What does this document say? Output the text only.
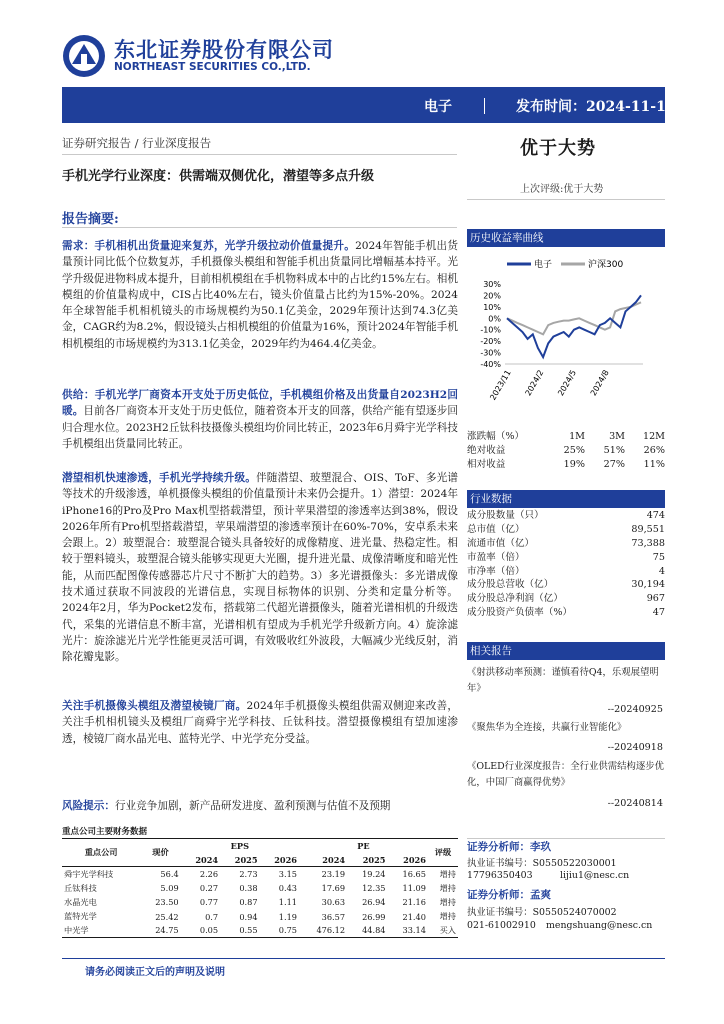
东北证券股份有限公司
NORTHEAST SECURITIES CO.,LTD.
电子	发布时间：2024-11-12
证券研究报告 / 行业深度报告
手机光学行业深度：供需端双侧优化，潜望等多点升级
优于大势
上次评级:优于大势
报告摘要:
需求：手机相机出货量迎来复苏，光学升级拉动价值量提升。2024年智能手机出货量预计同比低个位数复苏，手机摄像头模组和智能手机出货量同比增幅基本持平。光学升级促进物料成本提升，目前相机模组在手机物料成本中的占比约15%左右。相机模组的价值量构成中，CIS占比40%左右，镜头价值量占比约为15%-20%。2024年全球智能手机相机镜头的市场规模约为50.1亿美金，2029年预计达到74.3亿美金，CAGR约为8.2%，假设镜头占相机模组的价值量为16%，预计2024年智能手机相机模组的市场规模约为313.1亿美金，2029年约为464.4亿美金。
供给：手机光学厂商资本开支处于历史低位，手机模组价格及出货量自2023H2回暖。目前各厂商资本开支处于历史低位，随着资本开支的回落，供给产能有望逐步回归合理水位。2023H2丘钛科技摄像头模组均价同比转正，2023年6月舜宇光学科技手机模组出货量同比转正。
潜望相机快速渗透，手机光学持续升级。伴随潜望、玻塑混合、OIS、ToF、多光谱等技术的升级渗透，单机摄像头模组的价值量预计未来仍会提升。1）潜望：2024年iPhone16的Pro及Pro Max机型搭载潜望，预计苹果潜望的渗透率达到38%，假设2026年所有Pro机型搭载潜望，苹果端潜望的渗透率预计在60%-70%，安卓系未来会跟上。2）玻塑混合：玻塑混合镜头具备较好的成像精度、进光量、热稳定性。相较于塑料镜头，玻塑混合镜头能够实现更大光圈，提升进光量、成像清晰度和暗光性能，从而匹配图像传感器芯片尺寸不断扩大的趋势。3）多光谱摄像头：多光谱成像技术通过获取不同波段的光谱信息，实现目标物体的识别、分类和定量分析等。2024年2月，华为Pocket2发布，搭载第二代超光谱摄像头，随着光谱相机的升级迭代，采集的光谱信息不断丰富，光谱相机有望成为手机光学升级新方向。4）旋涂滤光片：旋涂滤光片光学性能更灵活可调，有效吸收红外波段，大幅减少光线反射，消除花瓣鬼影。
关注手机摄像头模组及潜望棱镜厂商。2024年手机摄像头模组供需双侧迎来改善，关注手机相机镜头及模组厂商舜宇光学科技、丘钛科技。潜望摄像模组有望加速渗透，棱镜厂商水晶光电、蓝特光学、中光学充分受益。
风险提示：行业竞争加剧，新产品研发进度、盈利预测与估值不及预期
历史收益率曲线
电子	沪深300
30%
20%
10%
0%
-10%
-20%
-30%
-40%
2023/11 2024/2 2024/5 2024/8
涨跌幅（%）	1M	3M	12M
绝对收益	25%	51%	26%
相对收益	19%	27%	11%
行业数据
成分股数量（只）	474
总市值（亿）	89,551
流通市值（亿）	73,388
市盈率（倍）	75
市净率（倍）	4
成分股总营收（亿）	30,194
成分股总净利润（亿）	967
成分股资产负债率（%）	47
相关报告
《射洪移动率预测：谨慎看待Q4，乐观展望明年》
--20240925
《聚焦华为全连接，共赢行业智能化》
--20240918
《OLED行业深度报告：全行业供需结构逐步优化，中国厂商赢得优势》
--20240814
证券分析师：李玖
执业证书编号：S0550522030001
17796350403	lijiu1@nesc.cn
证券分析师：孟爽
执业证书编号：S0550524070002
021-61002910 mengshuang@nesc.cn
重点公司主要财务数据
重点公司	现价	EPS			PE			评级
		2024	2025	2026	2024	2025	2026	
舜宇光学科技	56.4	2.26	2.73	3.15	23.19	19.24	16.65	增持
丘钛科技	5.09	0.27	0.38	0.43	17.69	12.35	11.09	增持
水晶光电	23.50	0.77	0.87	1.11	30.63	26.94	21.16	增持
蓝特光学	25.42	0.7	0.94	1.19	36.57	26.99	21.40	增持
中光学	24.75	0.05	0.55	0.75	476.12	44.84	33.14	买入
请务必阅读正文后的声明及说明
